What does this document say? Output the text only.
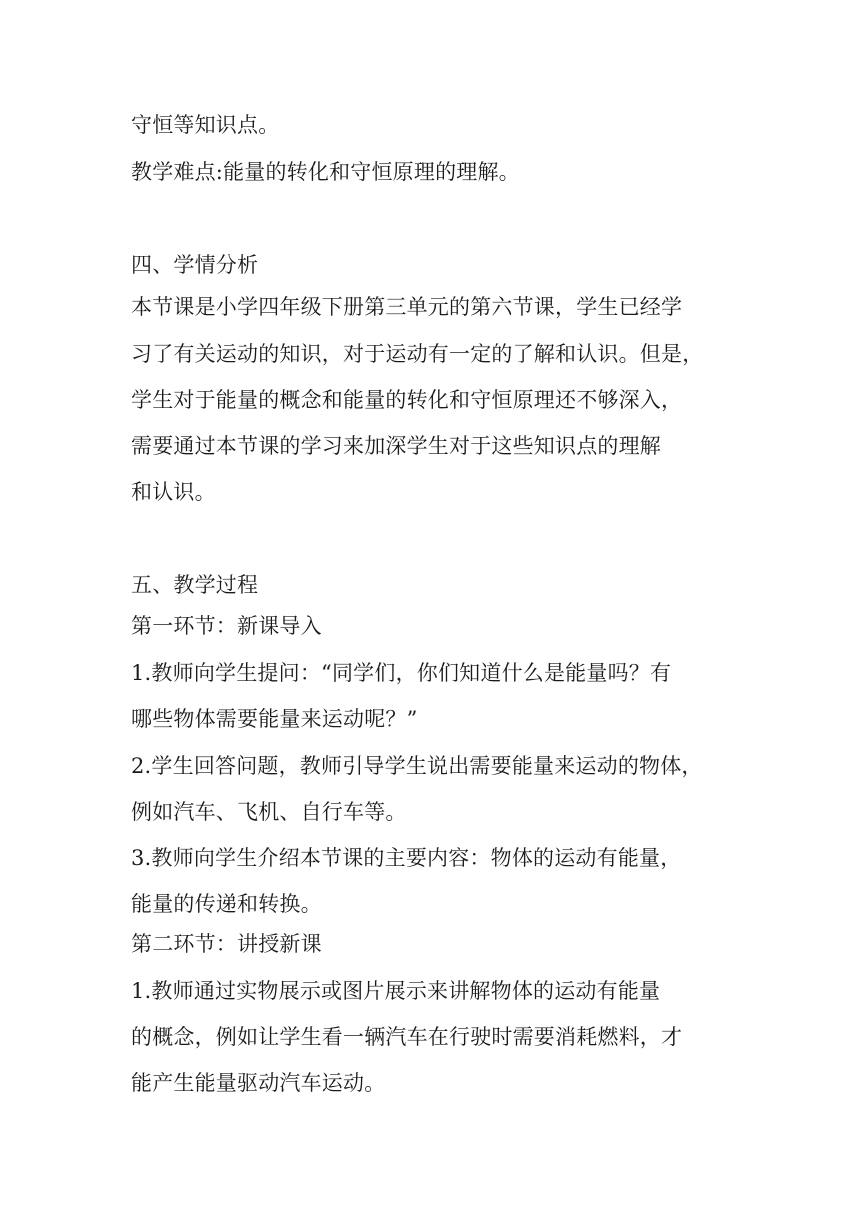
守恒等知识点。
教学难点:能量的转化和守恒原理的理解。
四、学情分析
本节课是小学四年级下册第三单元的第六节课，学生已经学
习了有关运动的知识，对于运动有一定的了解和认识。但是，
学生对于能量的概念和能量的转化和守恒原理还不够深入，
需要通过本节课的学习来加深学生对于这些知识点的理解
和认识。
五、教学过程
第一环节：新课导入
1.教师向学生提问：“同学们，你们知道什么是能量吗？有
哪些物体需要能量来运动呢？”
2.学生回答问题，教师引导学生说出需要能量来运动的物体，
例如汽车、飞机、自行车等。
3.教师向学生介绍本节课的主要内容：物体的运动有能量，
能量的传递和转换。
第二环节：讲授新课
1.教师通过实物展示或图片展示来讲解物体的运动有能量
的概念，例如让学生看一辆汽车在行驶时需要消耗燃料，才
能产生能量驱动汽车运动。
